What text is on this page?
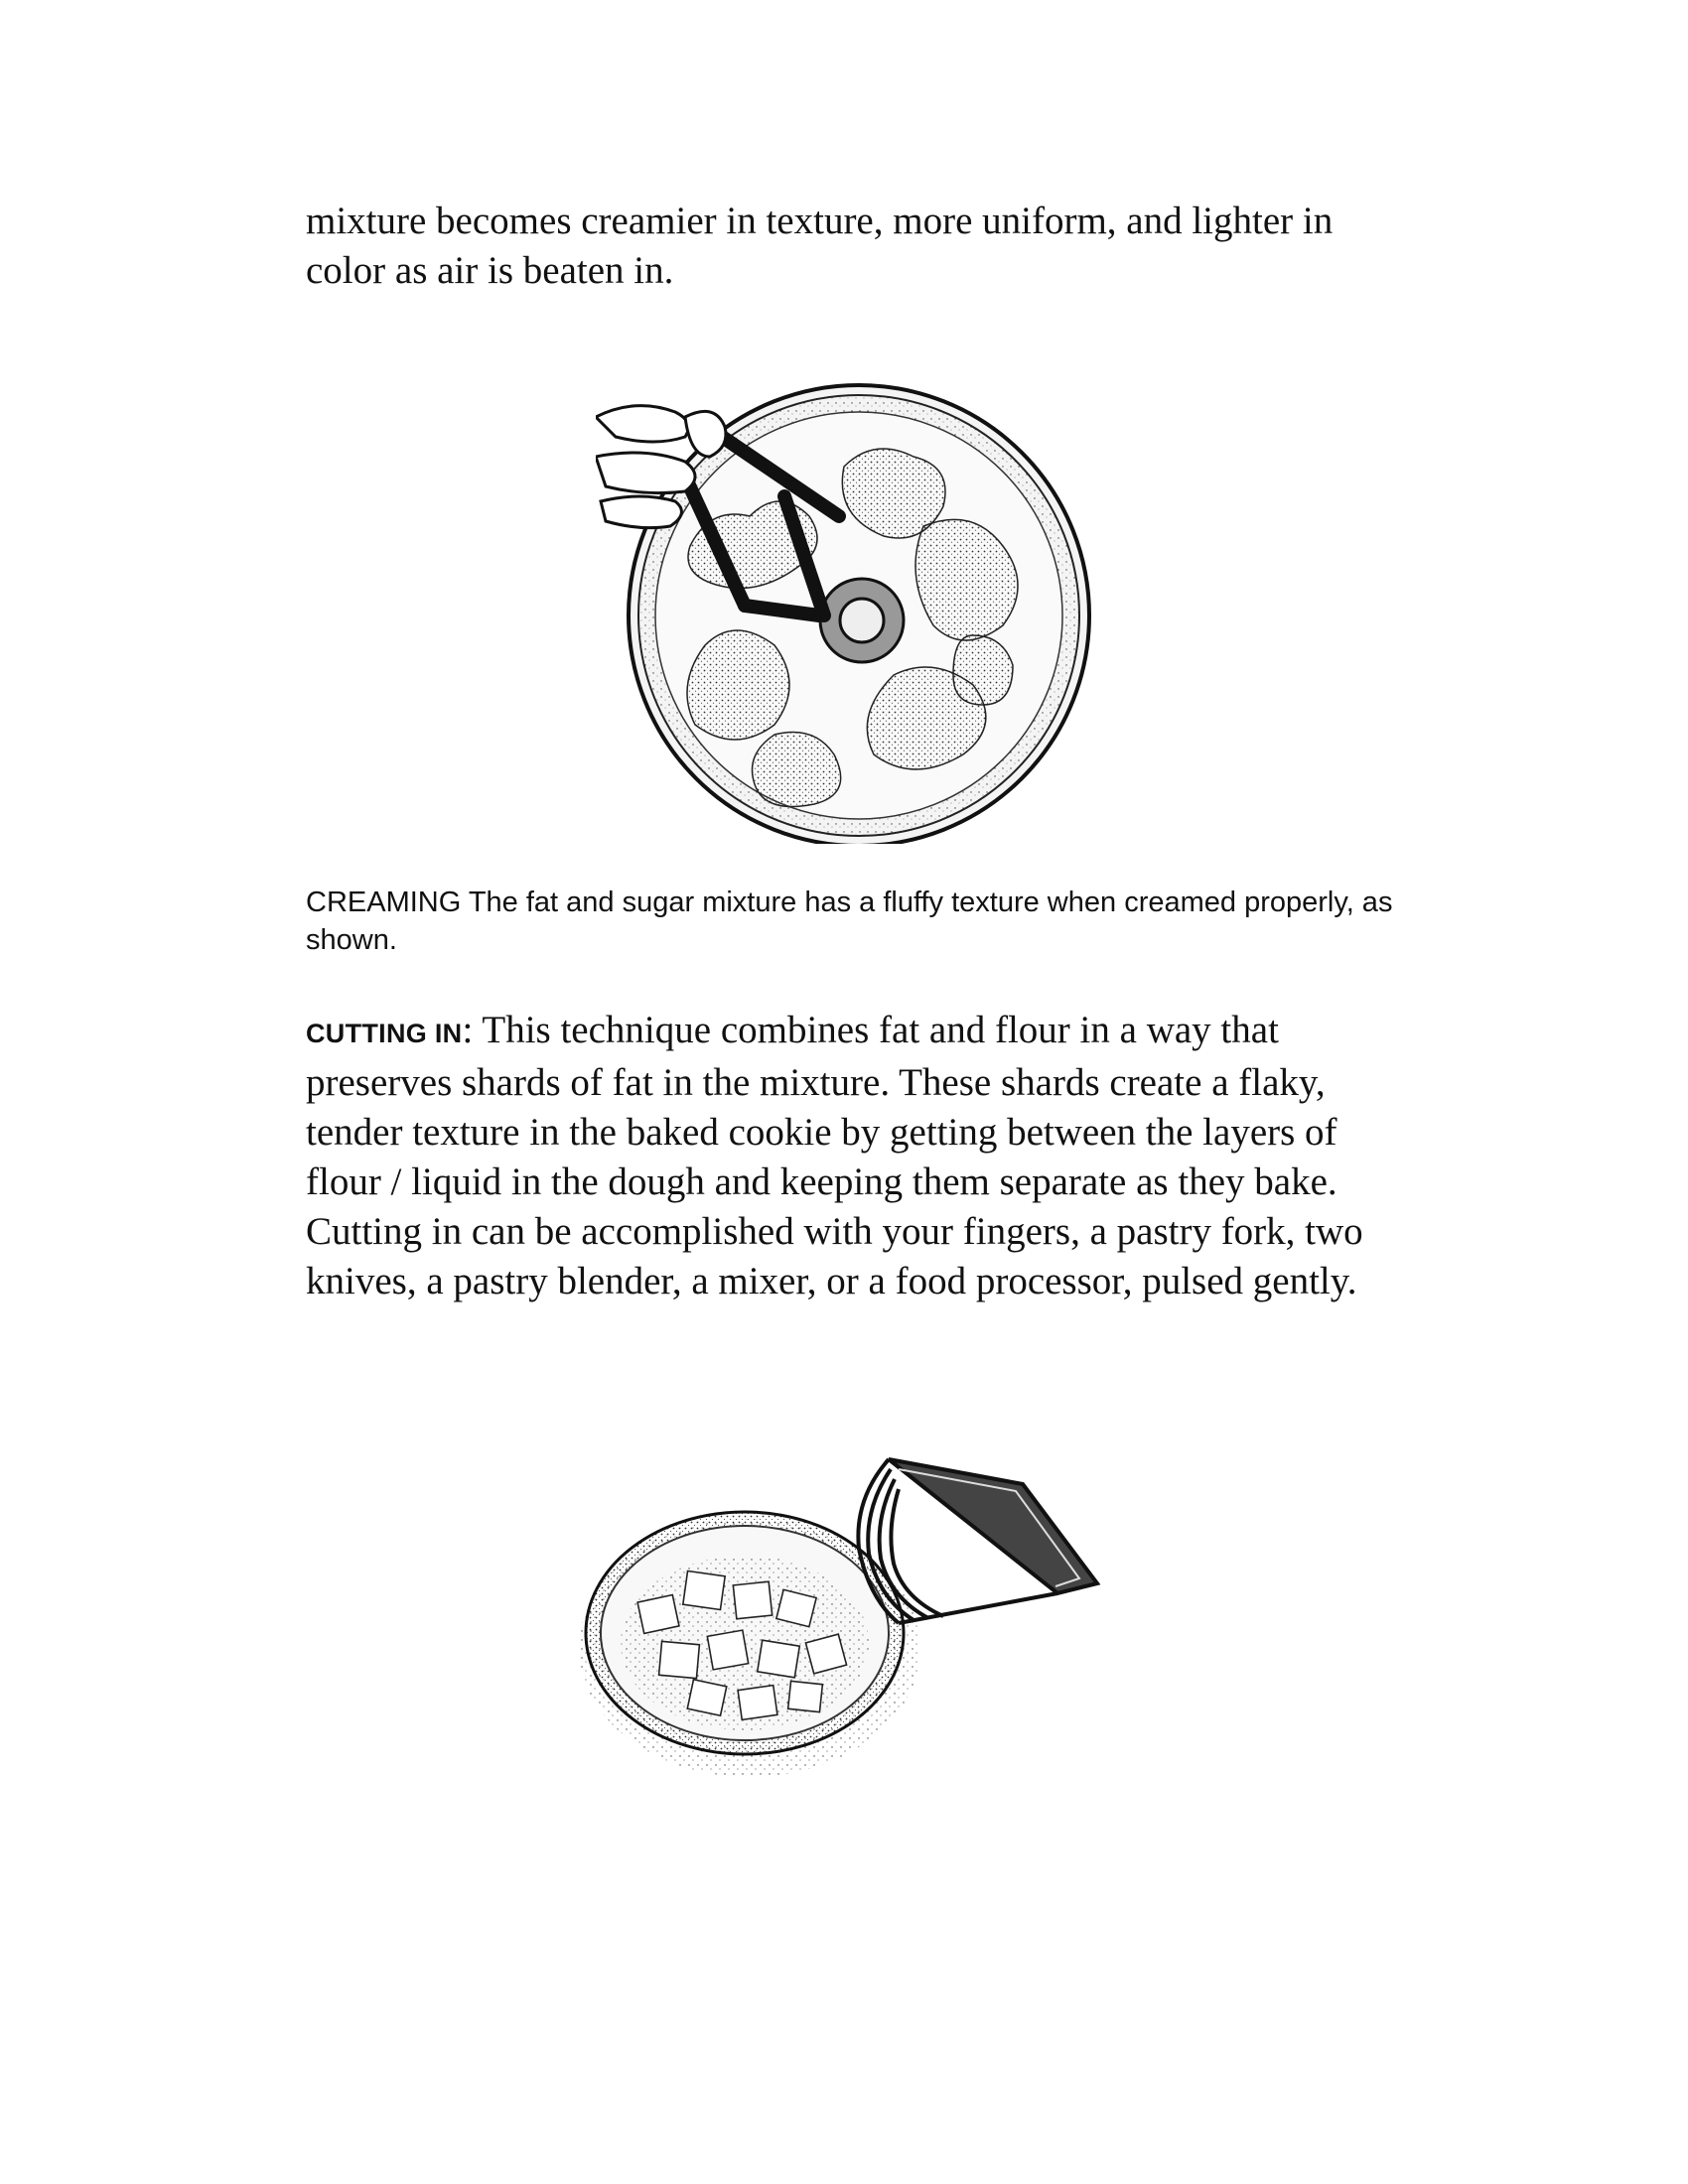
mixture becomes creamier in texture, more uniform, and lighter in color as air is beaten in.

CREAMING The fat and sugar mixture has a fluffy texture when creamed properly, as shown.

CUTTING IN: This technique combines fat and flour in a way that preserves shards of fat in the mixture. These shards create a flaky, tender texture in the baked cookie by getting between the layers of flour / liquid in the dough and keeping them separate as they bake. Cutting in can be accomplished with your fingers, a pastry fork, two knives, a pastry blender, a mixer, or a food processor, pulsed gently.
